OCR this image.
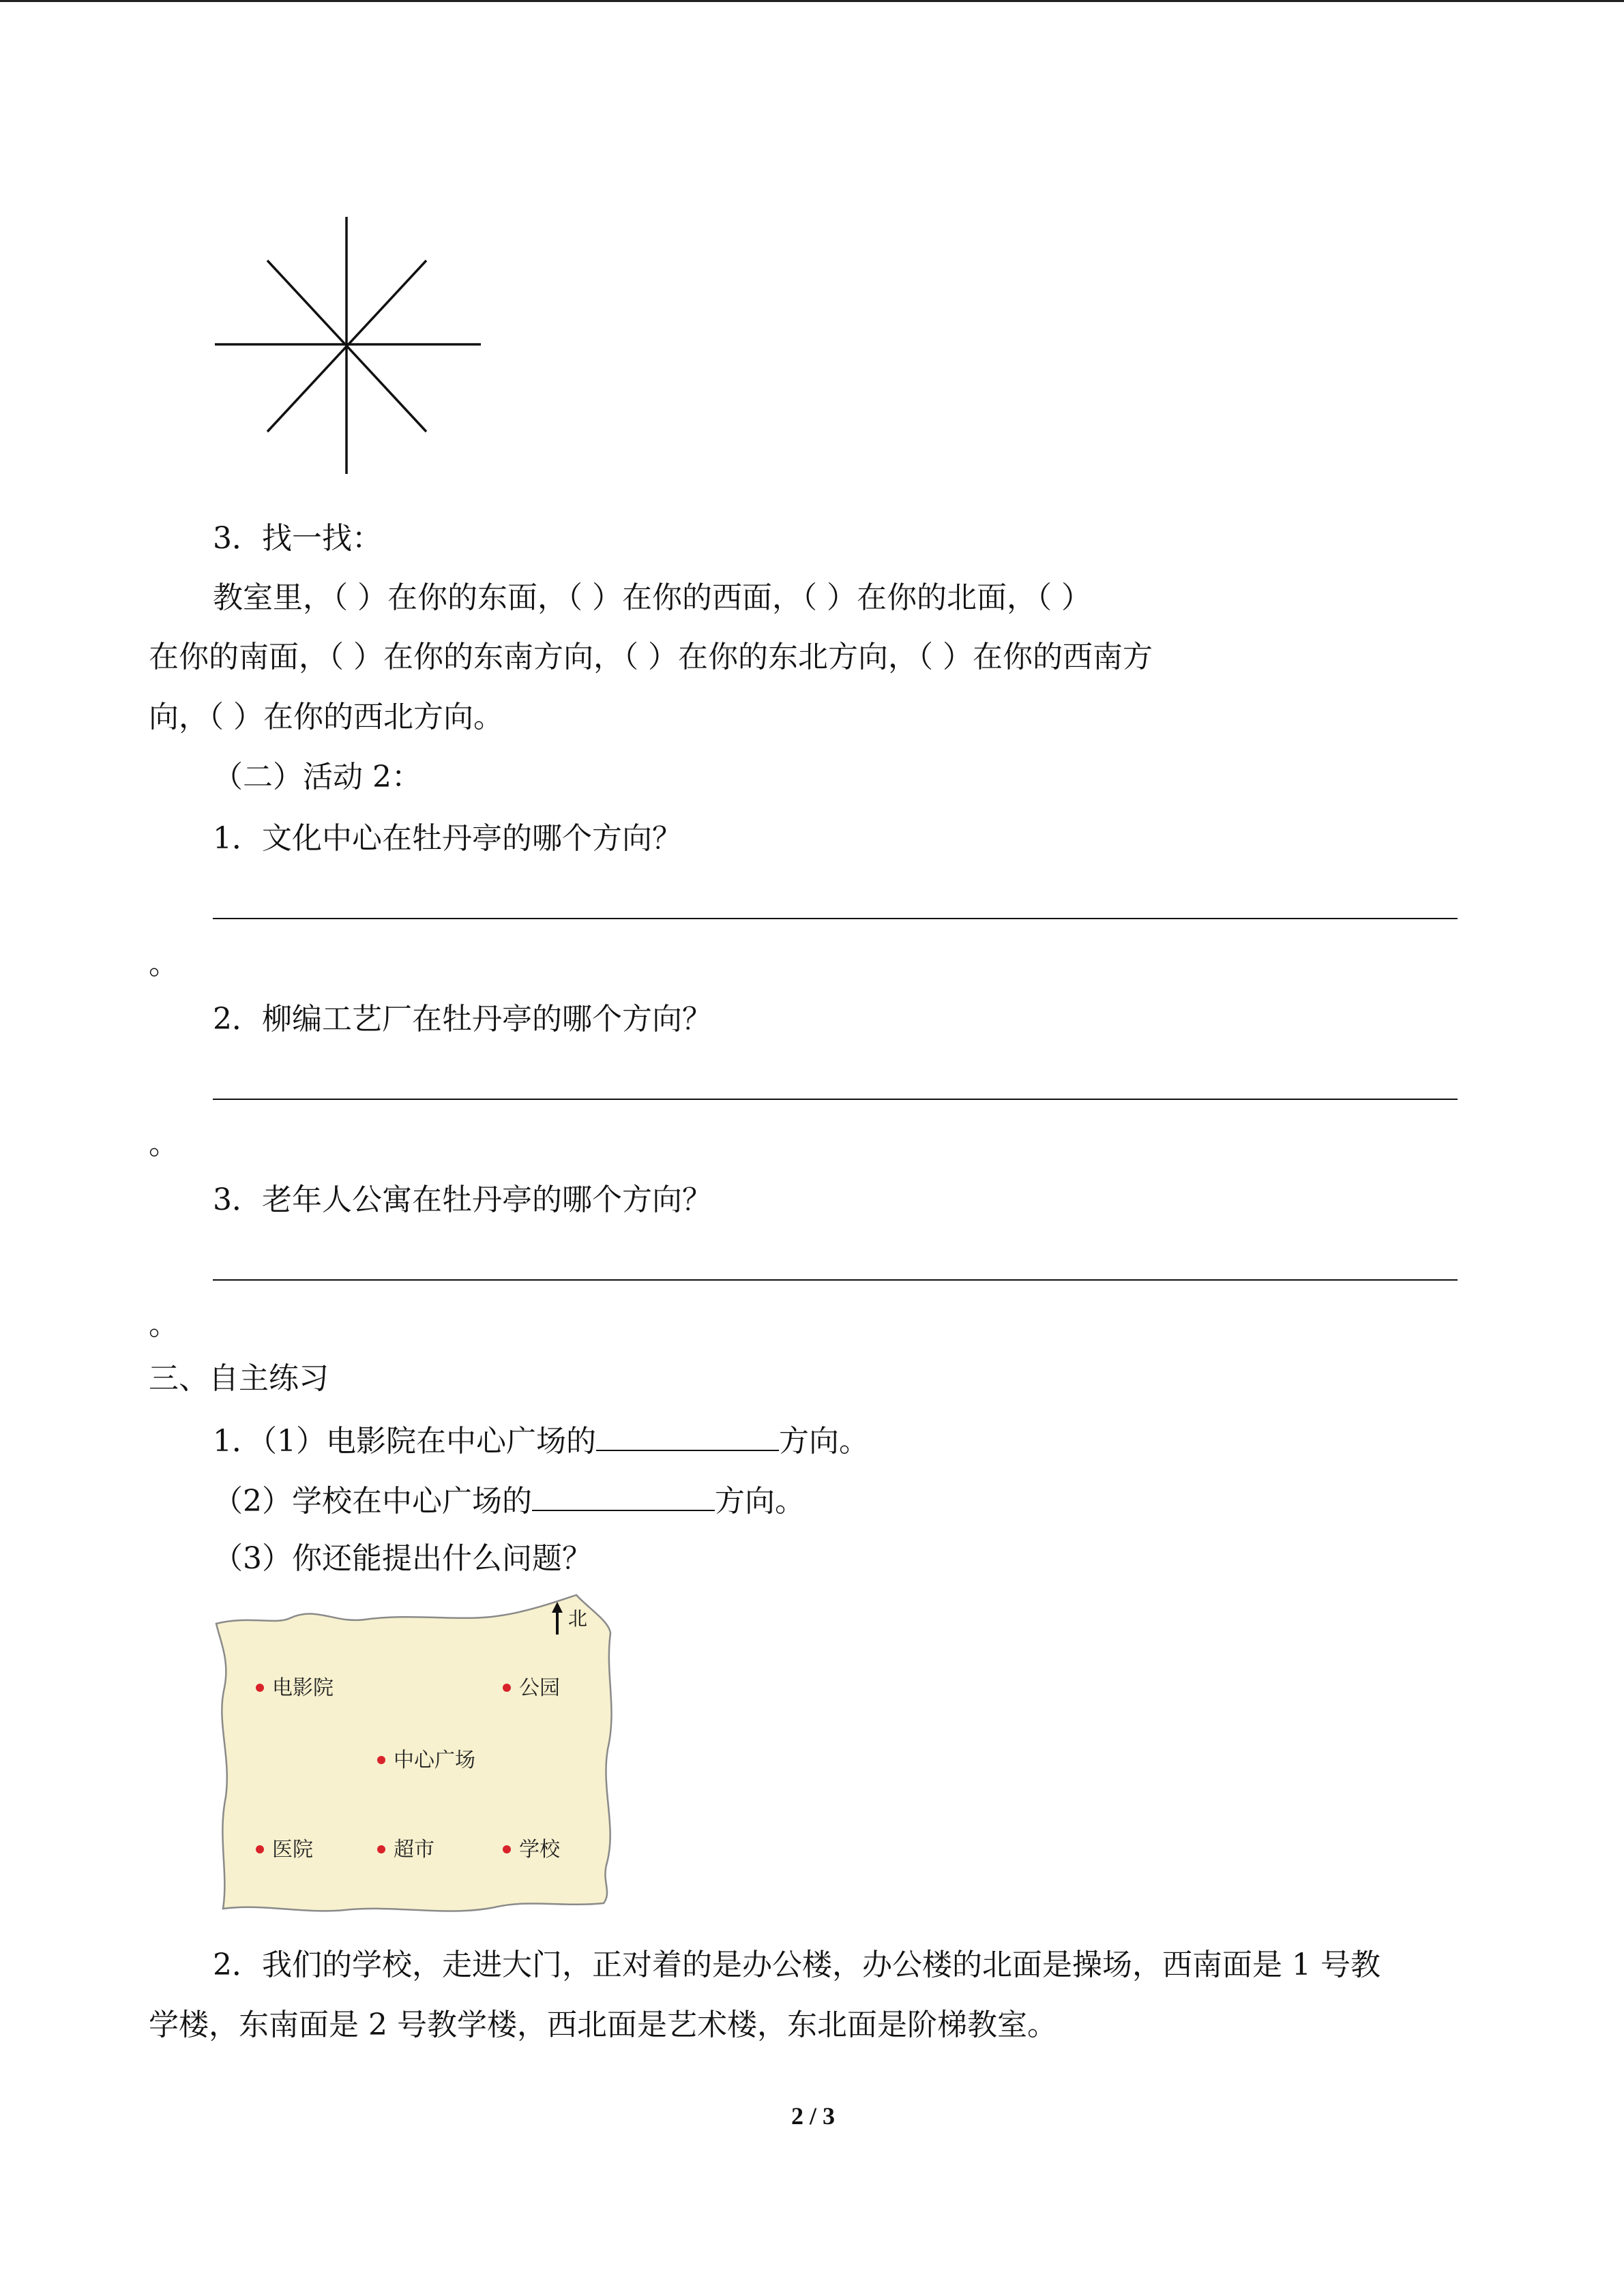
3．找一找：
教室里，（ ）在你的东面，（ ）在你的西面，（ ）在你的北面，（ ）
在你的南面，（ ）在你的东南方向，（ ）在你的东北方向，（ ）在你的西南方
向，（ ）在你的西北方向。
（二）活动 2：
1．文化中心在牡丹亭的哪个方向？
。
2．柳编工艺厂在牡丹亭的哪个方向？
。
3．老年人公寓在牡丹亭的哪个方向？
。
三、自主练习
1．（1）电影院在中心广场的	方向。
（2）学校在中心广场的	方向。
（3）你还能提出什么问题？
北
电影院	公园
中心广场
医院	超市	学校
2．我们的学校，走进大门，正对着的是办公楼，办公楼的北面是操场，西南面是 1 号教
学楼，东南面是 2 号教学楼，西北面是艺术楼，东北面是阶梯教室。
2 / 3
